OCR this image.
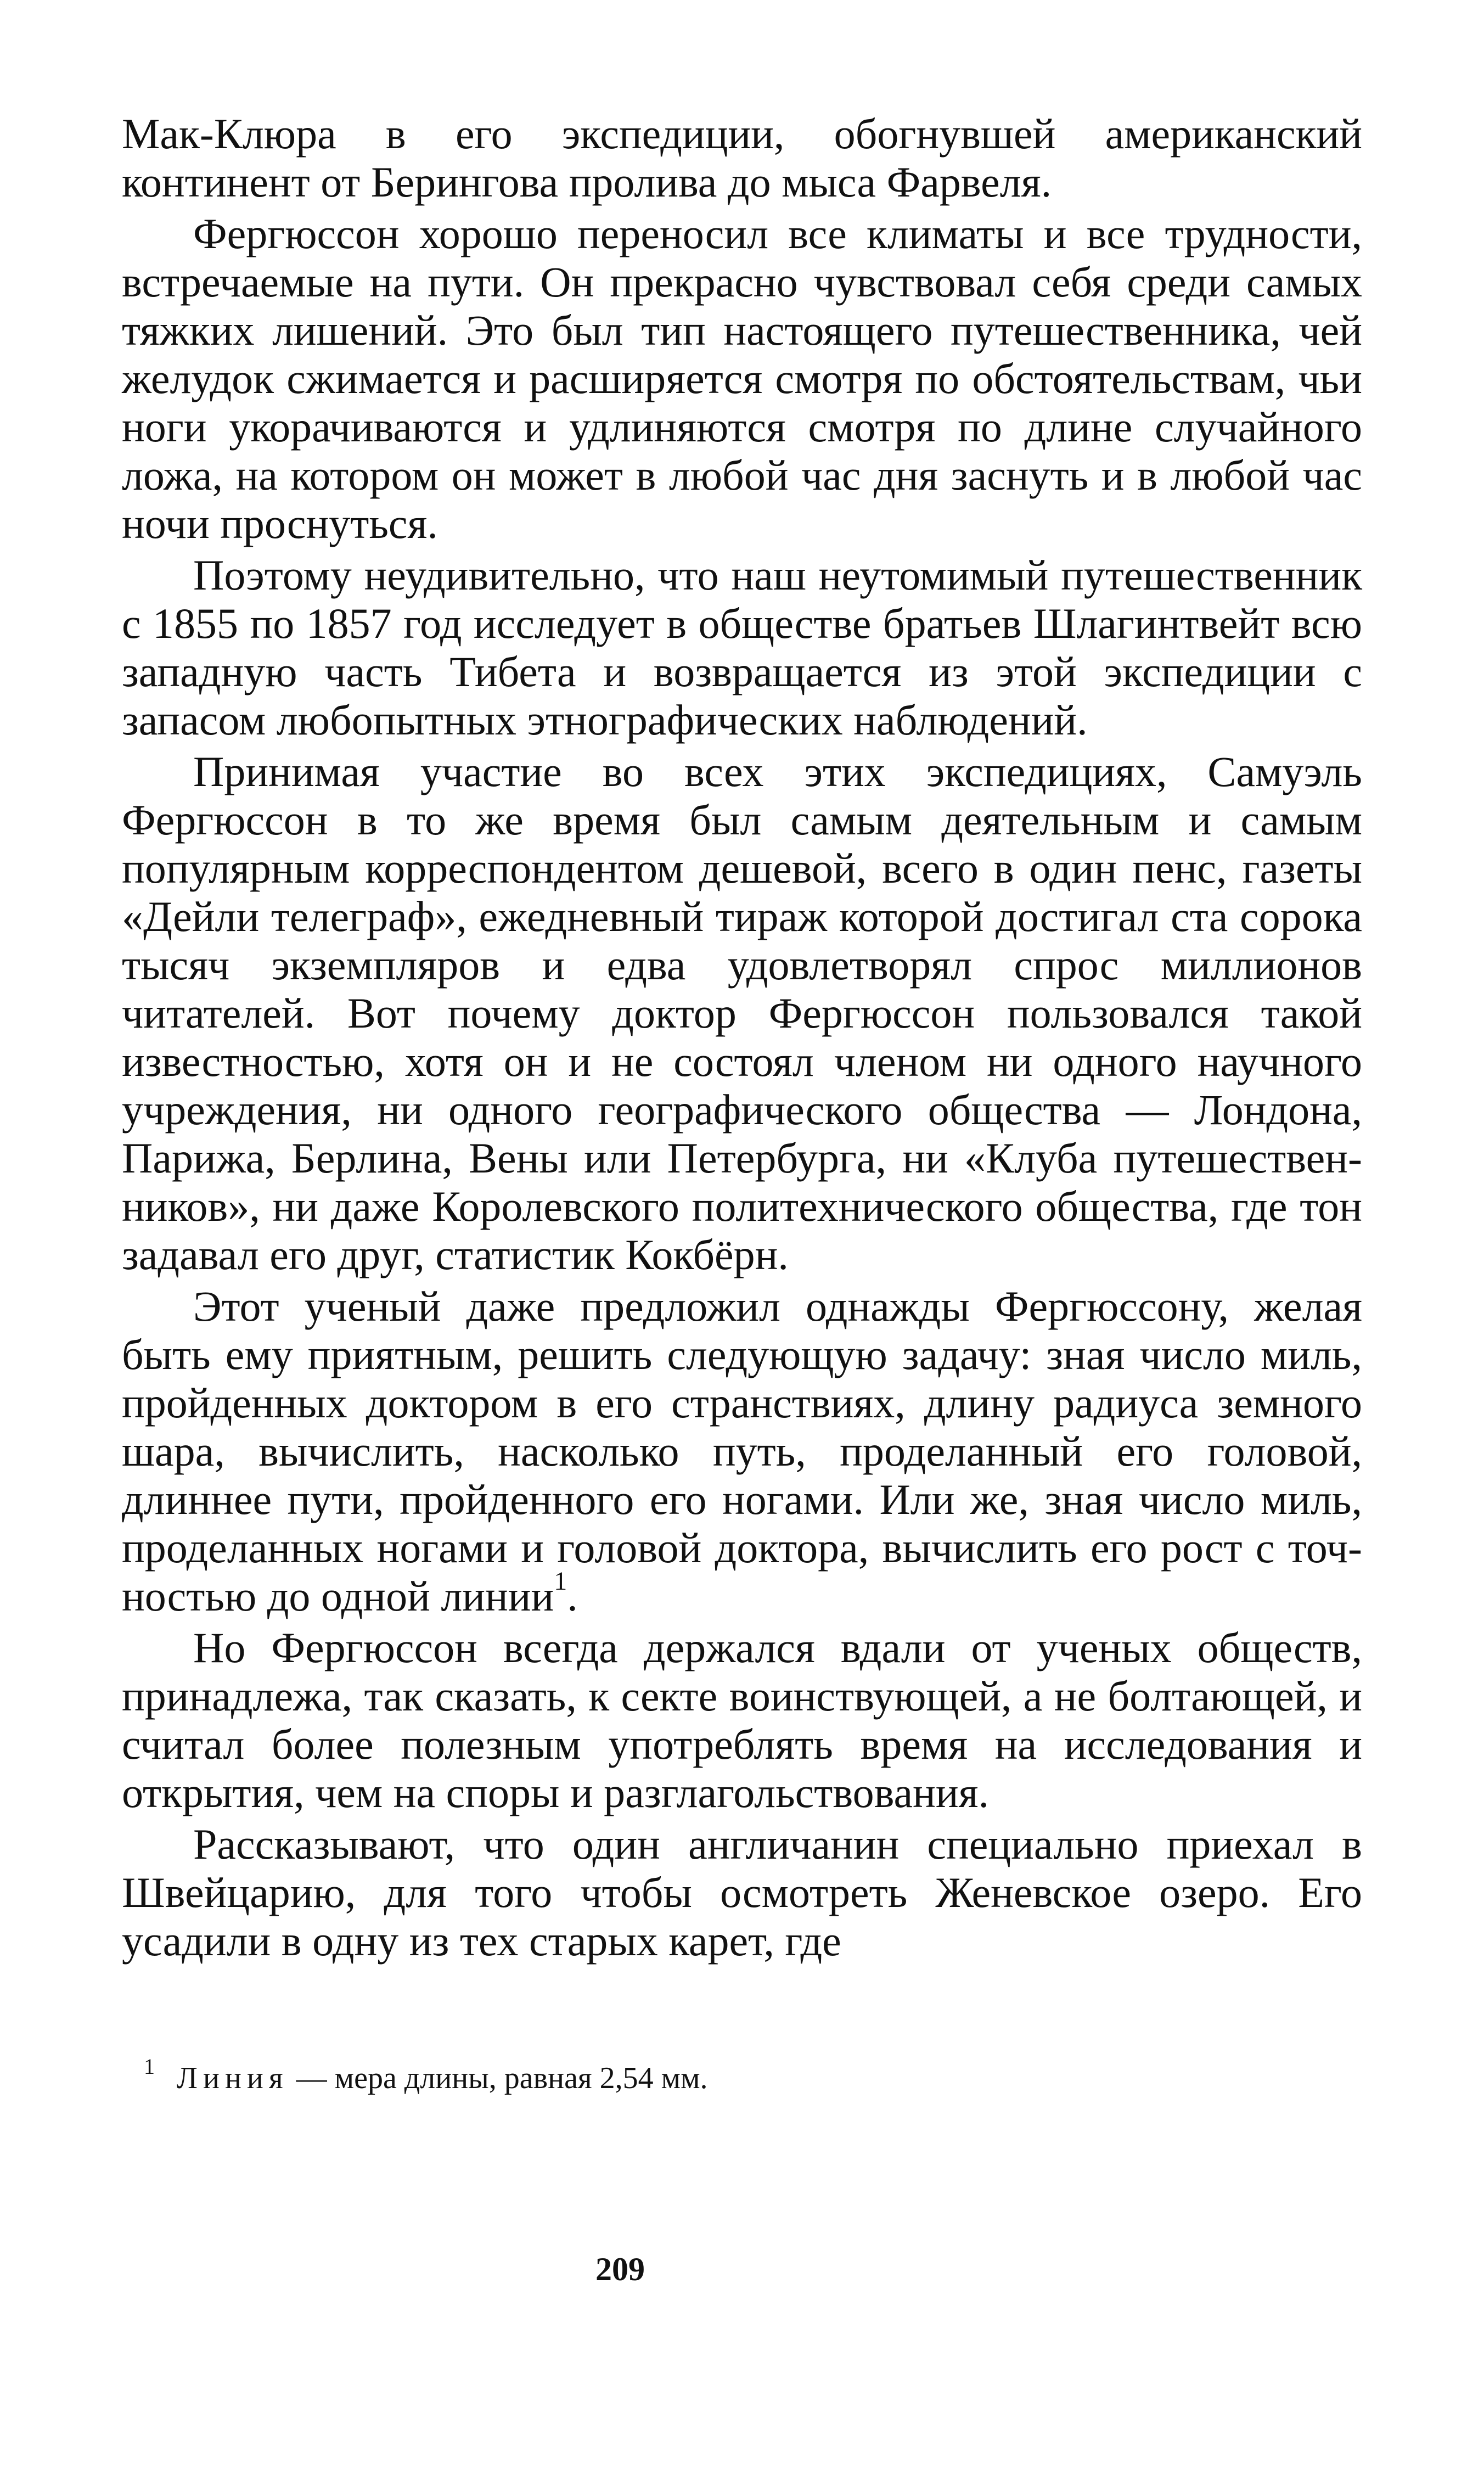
Мак-Клюра в его экспедиции, обогнувшей американский континент от Берингова пролива до мыса Фарвеля.

Фергюссон хорошо переносил все климаты и все трудности, встречаемые на пути. Он прекрасно чувствовал себя среди самых тяжких лишений. Это был тип настоящего путешественника, чей желудок сжимается и расширяется смотря по обстоятельствам, чьи ноги укорачиваются и удлиняются смотря по длине случайного ложа, на котором он может в любой час дня заснуть и в любой час ночи проснуться.

Поэтому неудивительно, что наш неутомимый путешественник с 1855 по 1857 год исследует в обществе братьев Шлагинтвейт всю западную часть Тибета и возвращается из этой экспедиции с запасом любопытных этнографических наблюдений.

Принимая участие во всех этих экспедициях, Самуэль Фергюссон в то же время был самым деятельным и самым популярным корреспондентом дешевой, всего в один пенс, газеты «Дейли телеграф», ежедневный тираж которой достигал ста сорока тысяч экземпляров и едва удовлетворял спрос миллионов читателей. Вот почему доктор Фергюссон пользовался такой известностью, хотя он и не состоял членом ни одного научного учреждения, ни одного географического общества — Лондона, Парижа, Берлина, Вены или Петербурга, ни «Клуба путешественников», ни даже Королевского политехнического общества, где тон задавал его друг, статистик Кокбёрн.

Этот ученый даже предложил однажды Фергюссону, желая быть ему приятным, решить следующую задачу: зная число миль, пройденных доктором в его странствиях, длину радиуса земного шара, вычислить, насколько путь, проделанный его головой, длиннее пути, пройденного его ногами. Или же, зная число миль, проделанных ногами и головой доктора, вычислить его рост с точностью до одной линии$^1$.

Но Фергюссон всегда держался вдали от ученых обществ, принадлежа, так сказать, к секте воинствующей, а не болтающей, и считал более полезным употреблять время на исследования и открытия, чем на споры и разглагольствования.

Рассказывают, что один англичанин специально приехал в Швейцарию, для того чтобы осмотреть Женевское озеро. Его усадили в одну из тех старых карет, где

$^1$ Линия — мера длины, равная 2,54 мм.
209
